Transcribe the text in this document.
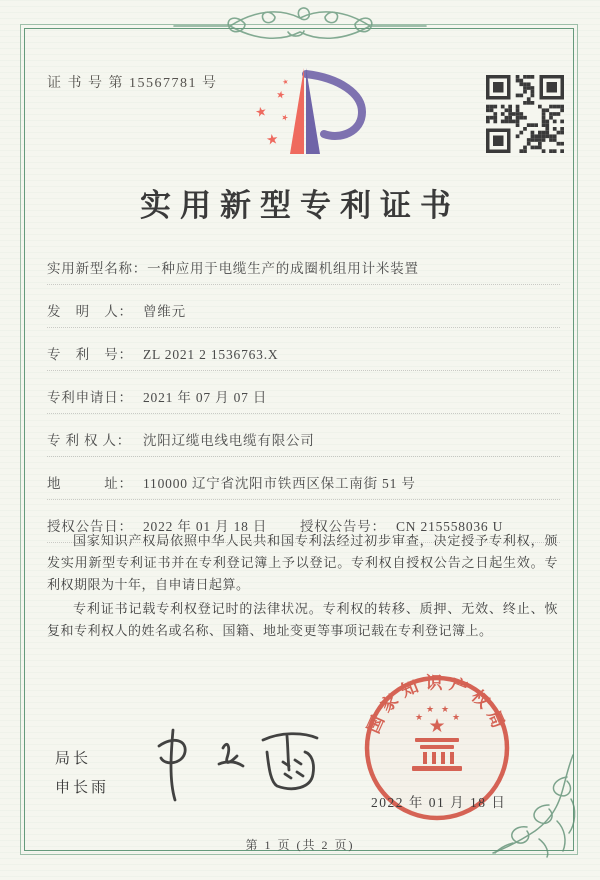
证 书 号 第 15567781 号	★
★
★ ★
★
实用新型专利证书
实用新型名称： 一种应用于电缆生产的成圈机组用计米装置
发　明　人： 曾维元
专　利　号： ZL 2021 2 1536763.X
专利申请日： 2021 年 07 月 07 日
专 利 权 人： 沈阳辽缆电线电缆有限公司
地　　　址： 110000 辽宁省沈阳市铁西区保工南街 51 号
授权公告日： 2022 年 01 月 18 日	授权公告号： CN 215558036 U

国家知识产权局依照中华人民共和国专利法经过初步审查，决定授予专利权，颁发实用新型专利证书并在专利登记簿上予以登记。专利权自授权公告之日起生效。专利权期限为十年，自申请日起算。

专利证书记载专利权登记时的法律状况。专利权的转移、质押、无效、终止、恢复和专利权人的姓名或名称、国籍、地址变更等事项记载在专利登记簿上。

局长
申长雨
国家知识产权局
★
★
★ ★
★
2022 年 01 月 18 日
第 1 页 (共 2 页)
